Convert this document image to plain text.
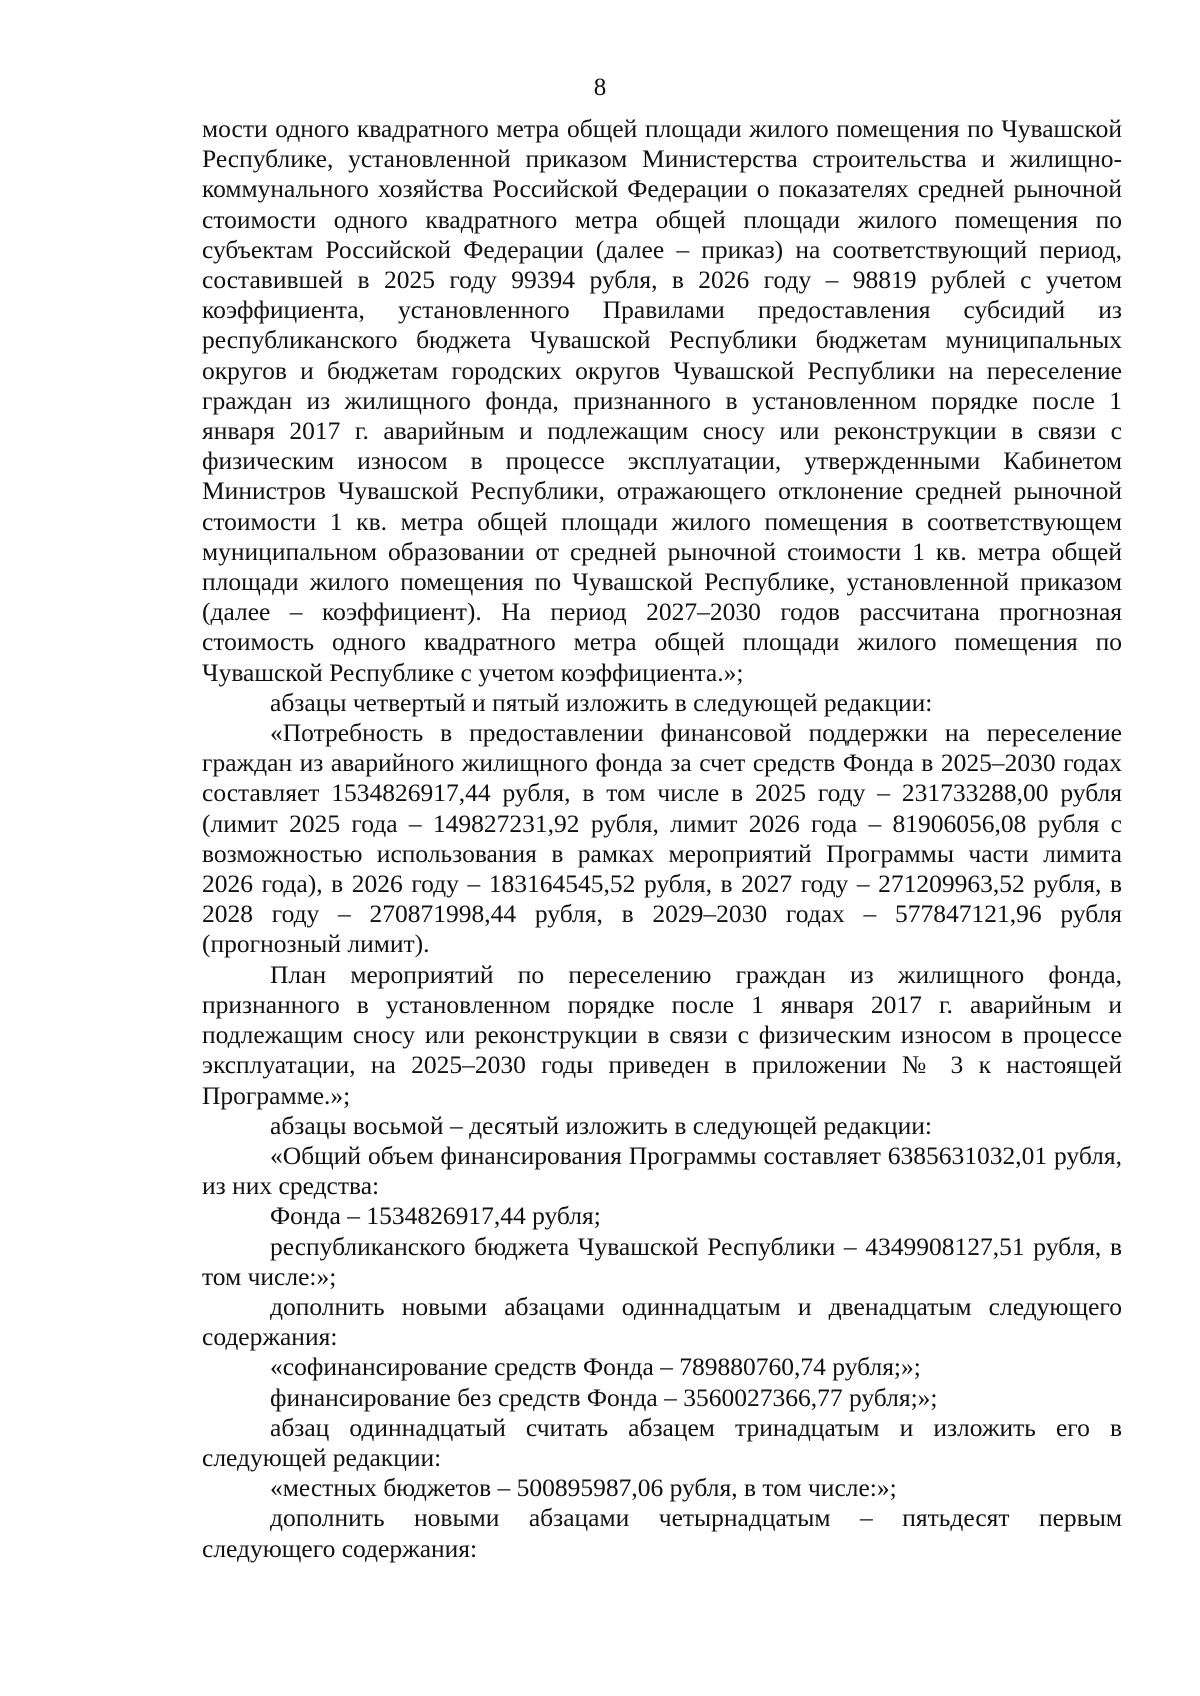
8

мости одного квадратного метра общей площади жилого помещения по Чувашской Республике, установленной приказом Министерства строительства и жилищно-коммунального хозяйства Российской Федерации о показателях средней рыночной стоимости одного квадратного метра общей площади жилого помещения по субъектам Российской Федерации (далее – приказ) на соответствующий период, составившей в 2025 году 99394 рубля, в 2026 году – 98819 рублей с учетом коэффициента, установленного Правилами предоставления субсидий из республиканского бюджета Чувашской Республики бюджетам муниципальных округов и бюджетам городских округов Чувашской Республики на переселение граждан из жилищного фонда, признанного в установленном порядке после 1 января 2017 г. аварийным и подлежащим сносу или реконструкции в связи с физическим износом в процессе эксплуатации, утвержденными Кабинетом Министров Чувашской Республики, отражающего отклонение средней рыночной стоимости 1 кв. метра общей площади жилого помещения в соответствующем муниципальном образовании от средней рыночной стоимости 1 кв. метра общей площади жилого помещения по Чувашской Республике, установленной приказом (далее – коэффициент). На период 2027–2030 годов рассчитана прогнозная стоимость одного квадратного метра общей площади жилого помещения по Чувашской Республике с учетом коэффициента.»;

абзацы четвертый и пятый изложить в следующей редакции:

«Потребность в предоставлении финансовой поддержки на переселение граждан из аварийного жилищного фонда за счет средств Фонда в 2025–2030 годах составляет 1534826917,44 рубля, в том числе в 2025 году – 231733288,00 рубля (лимит 2025 года – 149827231,92 рубля, лимит 2026 года – 81906056,08 рубля с возможностью использования в рамках мероприятий Программы части лимита 2026 года), в 2026 году – 183164545,52 рубля, в 2027 году – 271209963,52 рубля, в 2028 году – 270871998,44 рубля, в 2029–2030 годах – 577847121,96 рубля (прогнозный лимит).

План мероприятий по переселению граждан из жилищного фонда, признанного в установленном порядке после 1 января 2017 г. аварийным и подлежащим сносу или реконструкции в связи с физическим износом в процессе эксплуатации, на 2025–2030 годы приведен в приложении № 3 к настоящей Программе.»;

абзацы восьмой – десятый изложить в следующей редакции:

«Общий объем финансирования Программы составляет 6385631032,01 рубля, из них средства:

Фонда – 1534826917,44 рубля;

республиканского бюджета Чувашской Республики – 4349908127,51 рубля, в том числе:»;

дополнить новыми абзацами одиннадцатым и двенадцатым следующего содержания:

«софинансирование средств Фонда – 789880760,74 рубля;»;

финансирование без средств Фонда – 3560027366,77 рубля;»;

абзац одиннадцатый считать абзацем тринадцатым и изложить его в следующей редакции:

«местных бюджетов – 500895987,06 рубля, в том числе:»;

дополнить новыми абзацами четырнадцатым – пятьдесят первым следующего содержания:
